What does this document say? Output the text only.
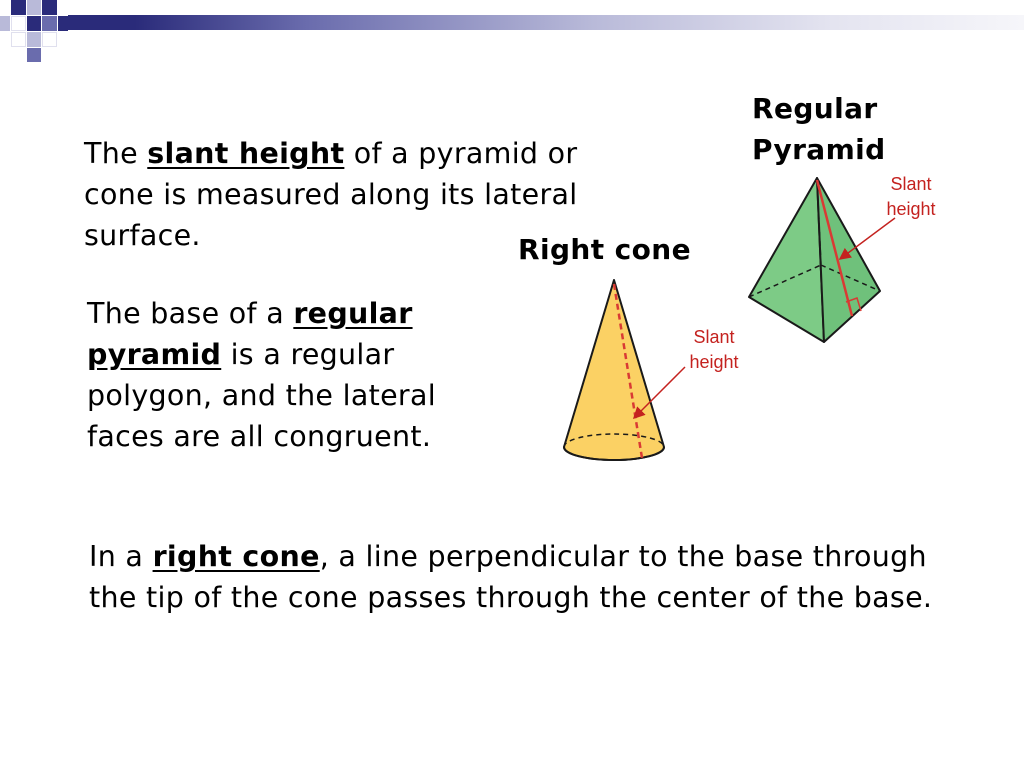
The slant height of a pyramid or cone is measured along its lateral surface.
The base of a regular pyramid is a regular polygon, and the lateral faces are all congruent.
In a right cone, a line perpendicular to the base through the tip of the cone passes through the center of the base.
Regular
Pyramid
Right cone
Slant
height
Slant
height
